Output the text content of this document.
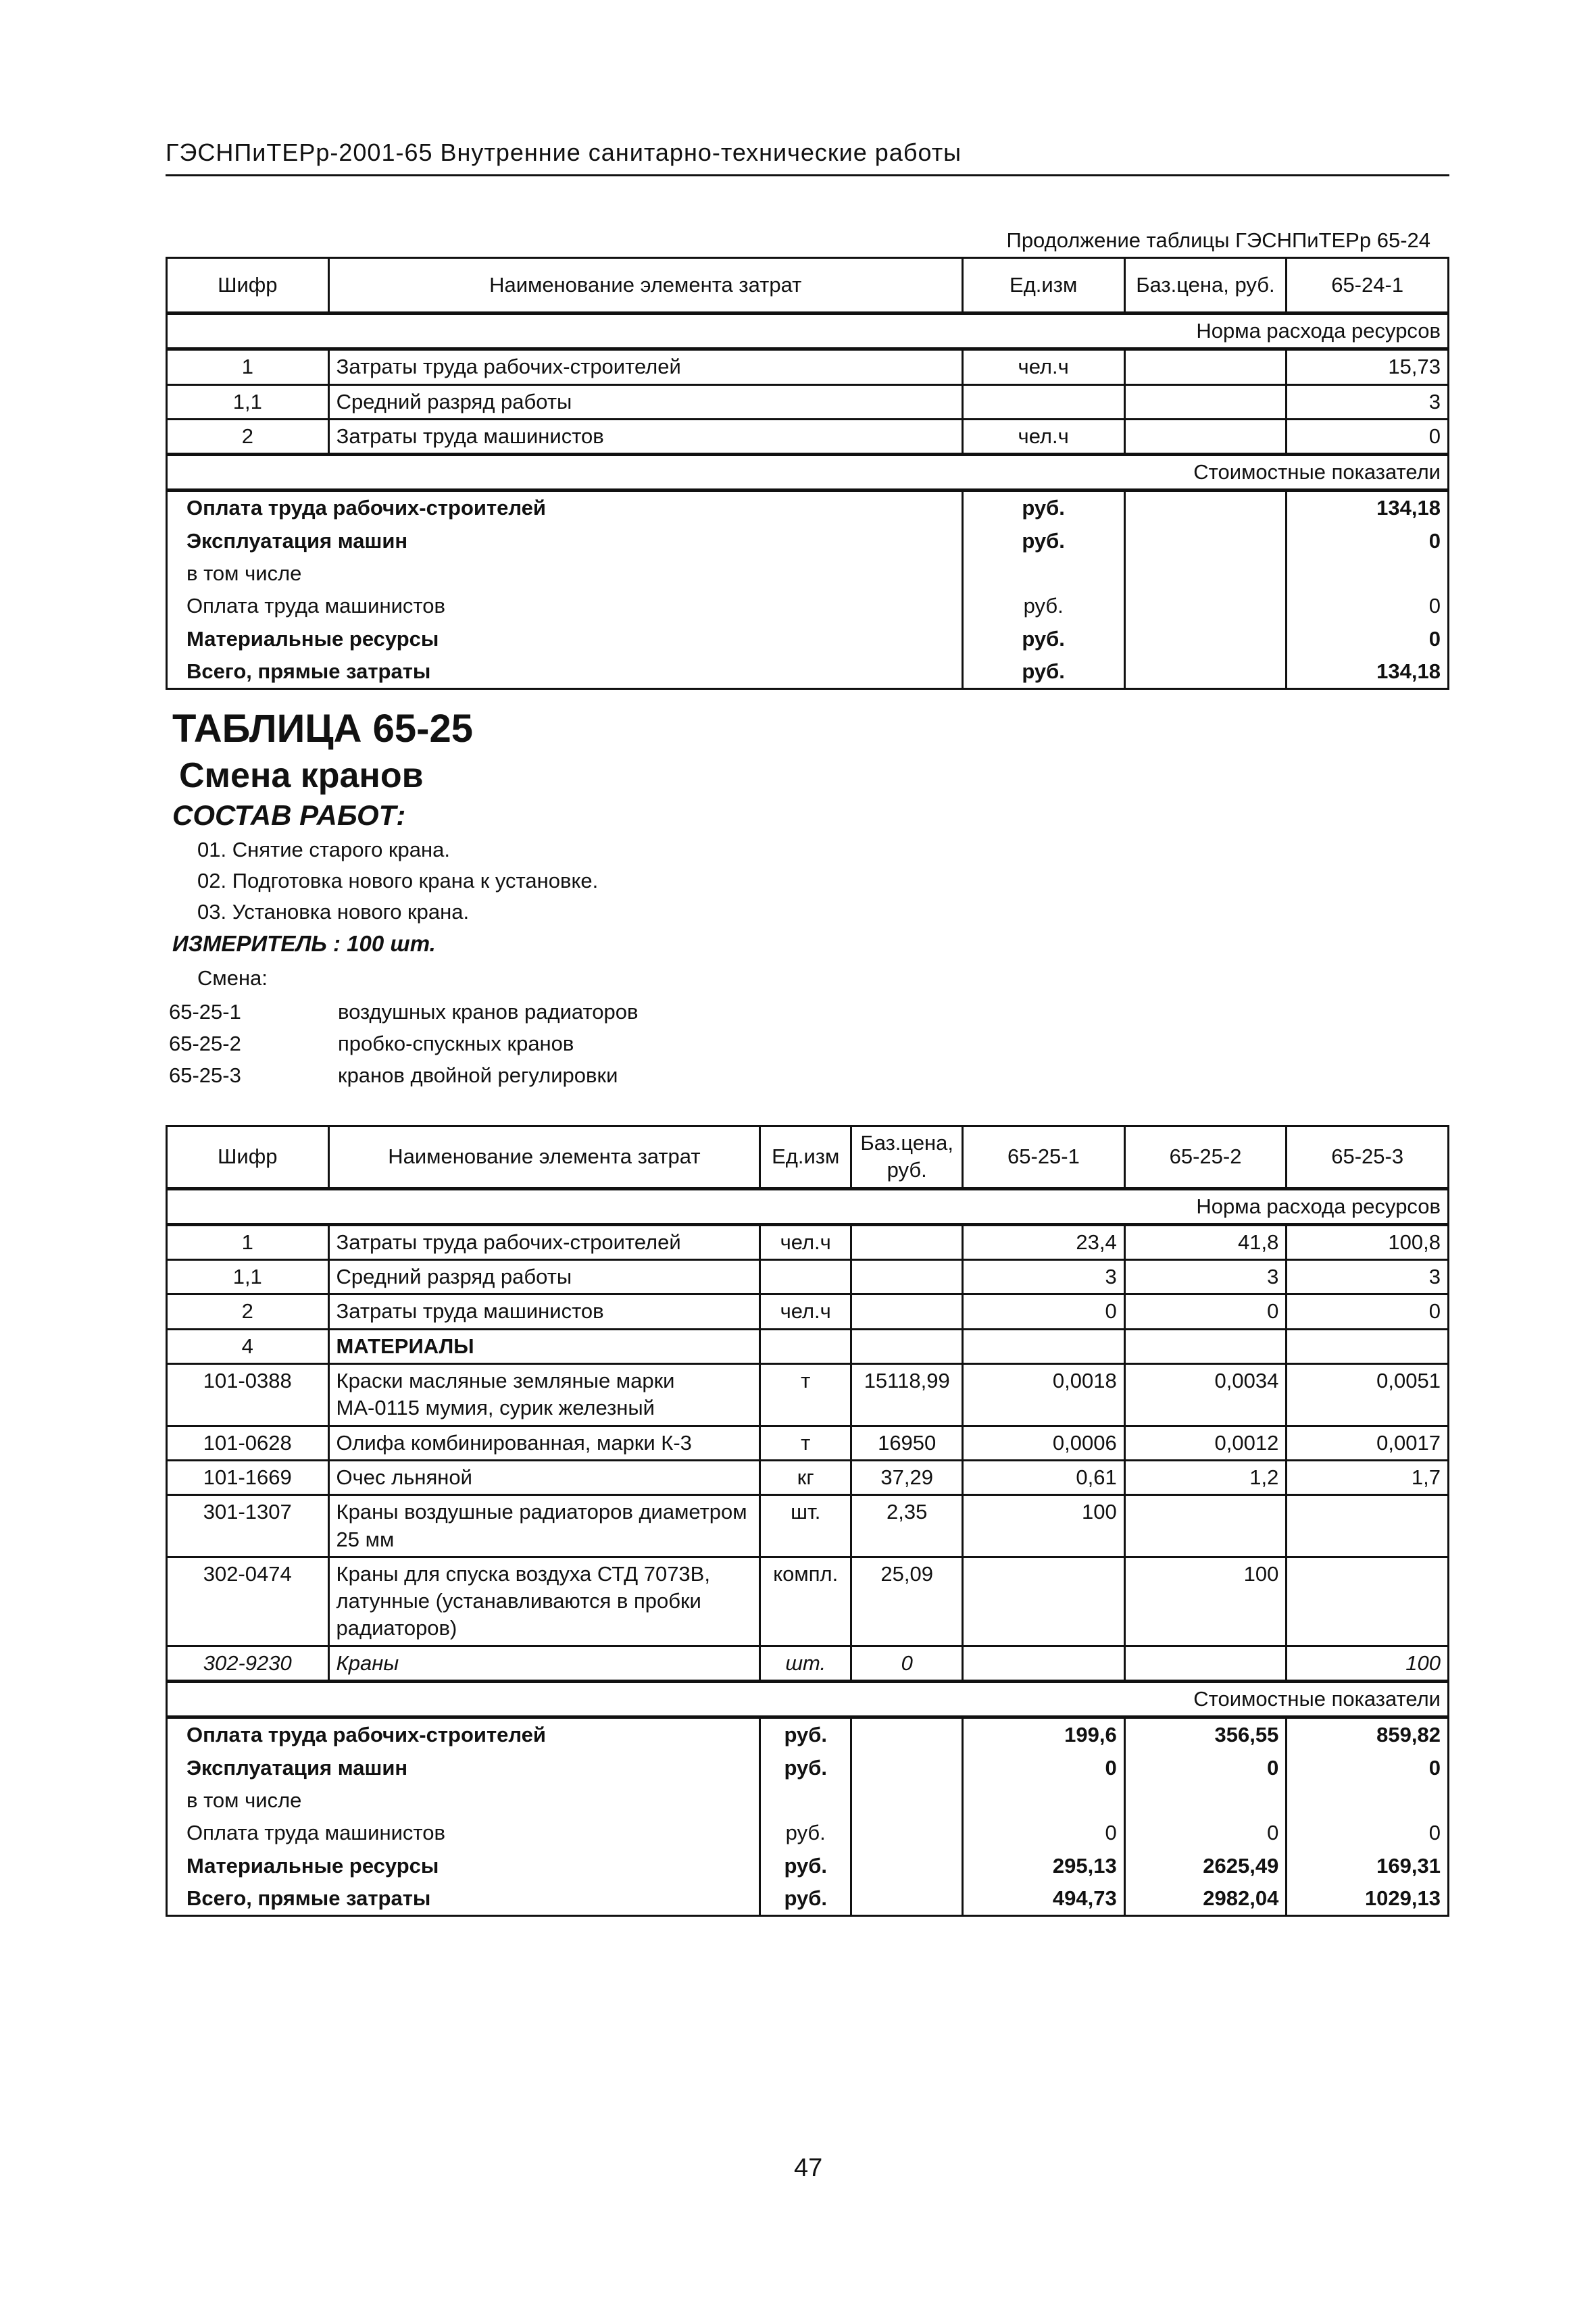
ГЭСНПиТЕРр-2001-65 Внутренние санитарно-технические работы
Продолжение таблицы ГЭСНПиТЕРр 65-24
Шифр	Наименование элемента затрат	Ед.изм	Баз.цена, руб.	65-24-1
Норма расхода ресурсов				
1	Затраты труда рабочих-строителей	чел.ч		15,73
1,1	Средний разряд работы			3
2	Затраты труда машинистов	чел.ч		0
Стоимостные показатели				
Оплата труда рабочих-строителей		руб.		134,18
Эксплуатация машин		руб.		0
в том числе				
Оплата труда машинистов		руб.		0
Материальные ресурсы		руб.		0
Всего, прямые затраты		руб.		134,18
ТАБЛИЦА 65-25
Смена кранов
СОСТАВ РАБОТ:
01. Снятие старого крана.
02. Подготовка нового крана к установке.
03. Установка нового крана.
ИЗМЕРИТЕЛЬ : 100 шт.
Смена:
65-25-1	воздушных кранов радиаторов
65-25-2	пробко-спускных кранов
65-25-3	кранов двойной регулировки
Шифр	Наименование элемента затрат	Ед.изм	Баз.цена, руб.	65-25-1	65-25-2	65-25-3
Норма расхода ресурсов						
1	Затраты труда рабочих-строителей	чел.ч		23,4	41,8	100,8
1,1	Средний разряд работы			3	3	3
2	Затраты труда машинистов	чел.ч		0	0	0
4	МАТЕРИАЛЫ					
101-0388	Краски масляные земляные марки МА-0115 мумия, сурик железный	т	15118,99	0,0018	0,0034	0,0051
101-0628	Олифа комбинированная, марки К-3	т	16950	0,0006	0,0012	0,0017
101-1669	Очес льняной	кг	37,29	0,61	1,2	1,7
301-1307	Краны воздушные радиаторов диаметром 25 мм	шт.	2,35	100		
302-0474	Краны для спуска воздуха СТД 7073В, латунные (устанавливаются в пробки радиаторов)	компл.	25,09		100	
302-9230	Краны	шт.	0			100
Стоимостные показатели						
Оплата труда рабочих-строителей		руб.		199,6	356,55	859,82
Эксплуатация машин		руб.		0	0	0
в том числе						
Оплата труда машинистов		руб.		0	0	0
Материальные ресурсы		руб.		295,13	2625,49	169,31
Всего, прямые затраты		руб.		494,73	2982,04	1029,13
47
